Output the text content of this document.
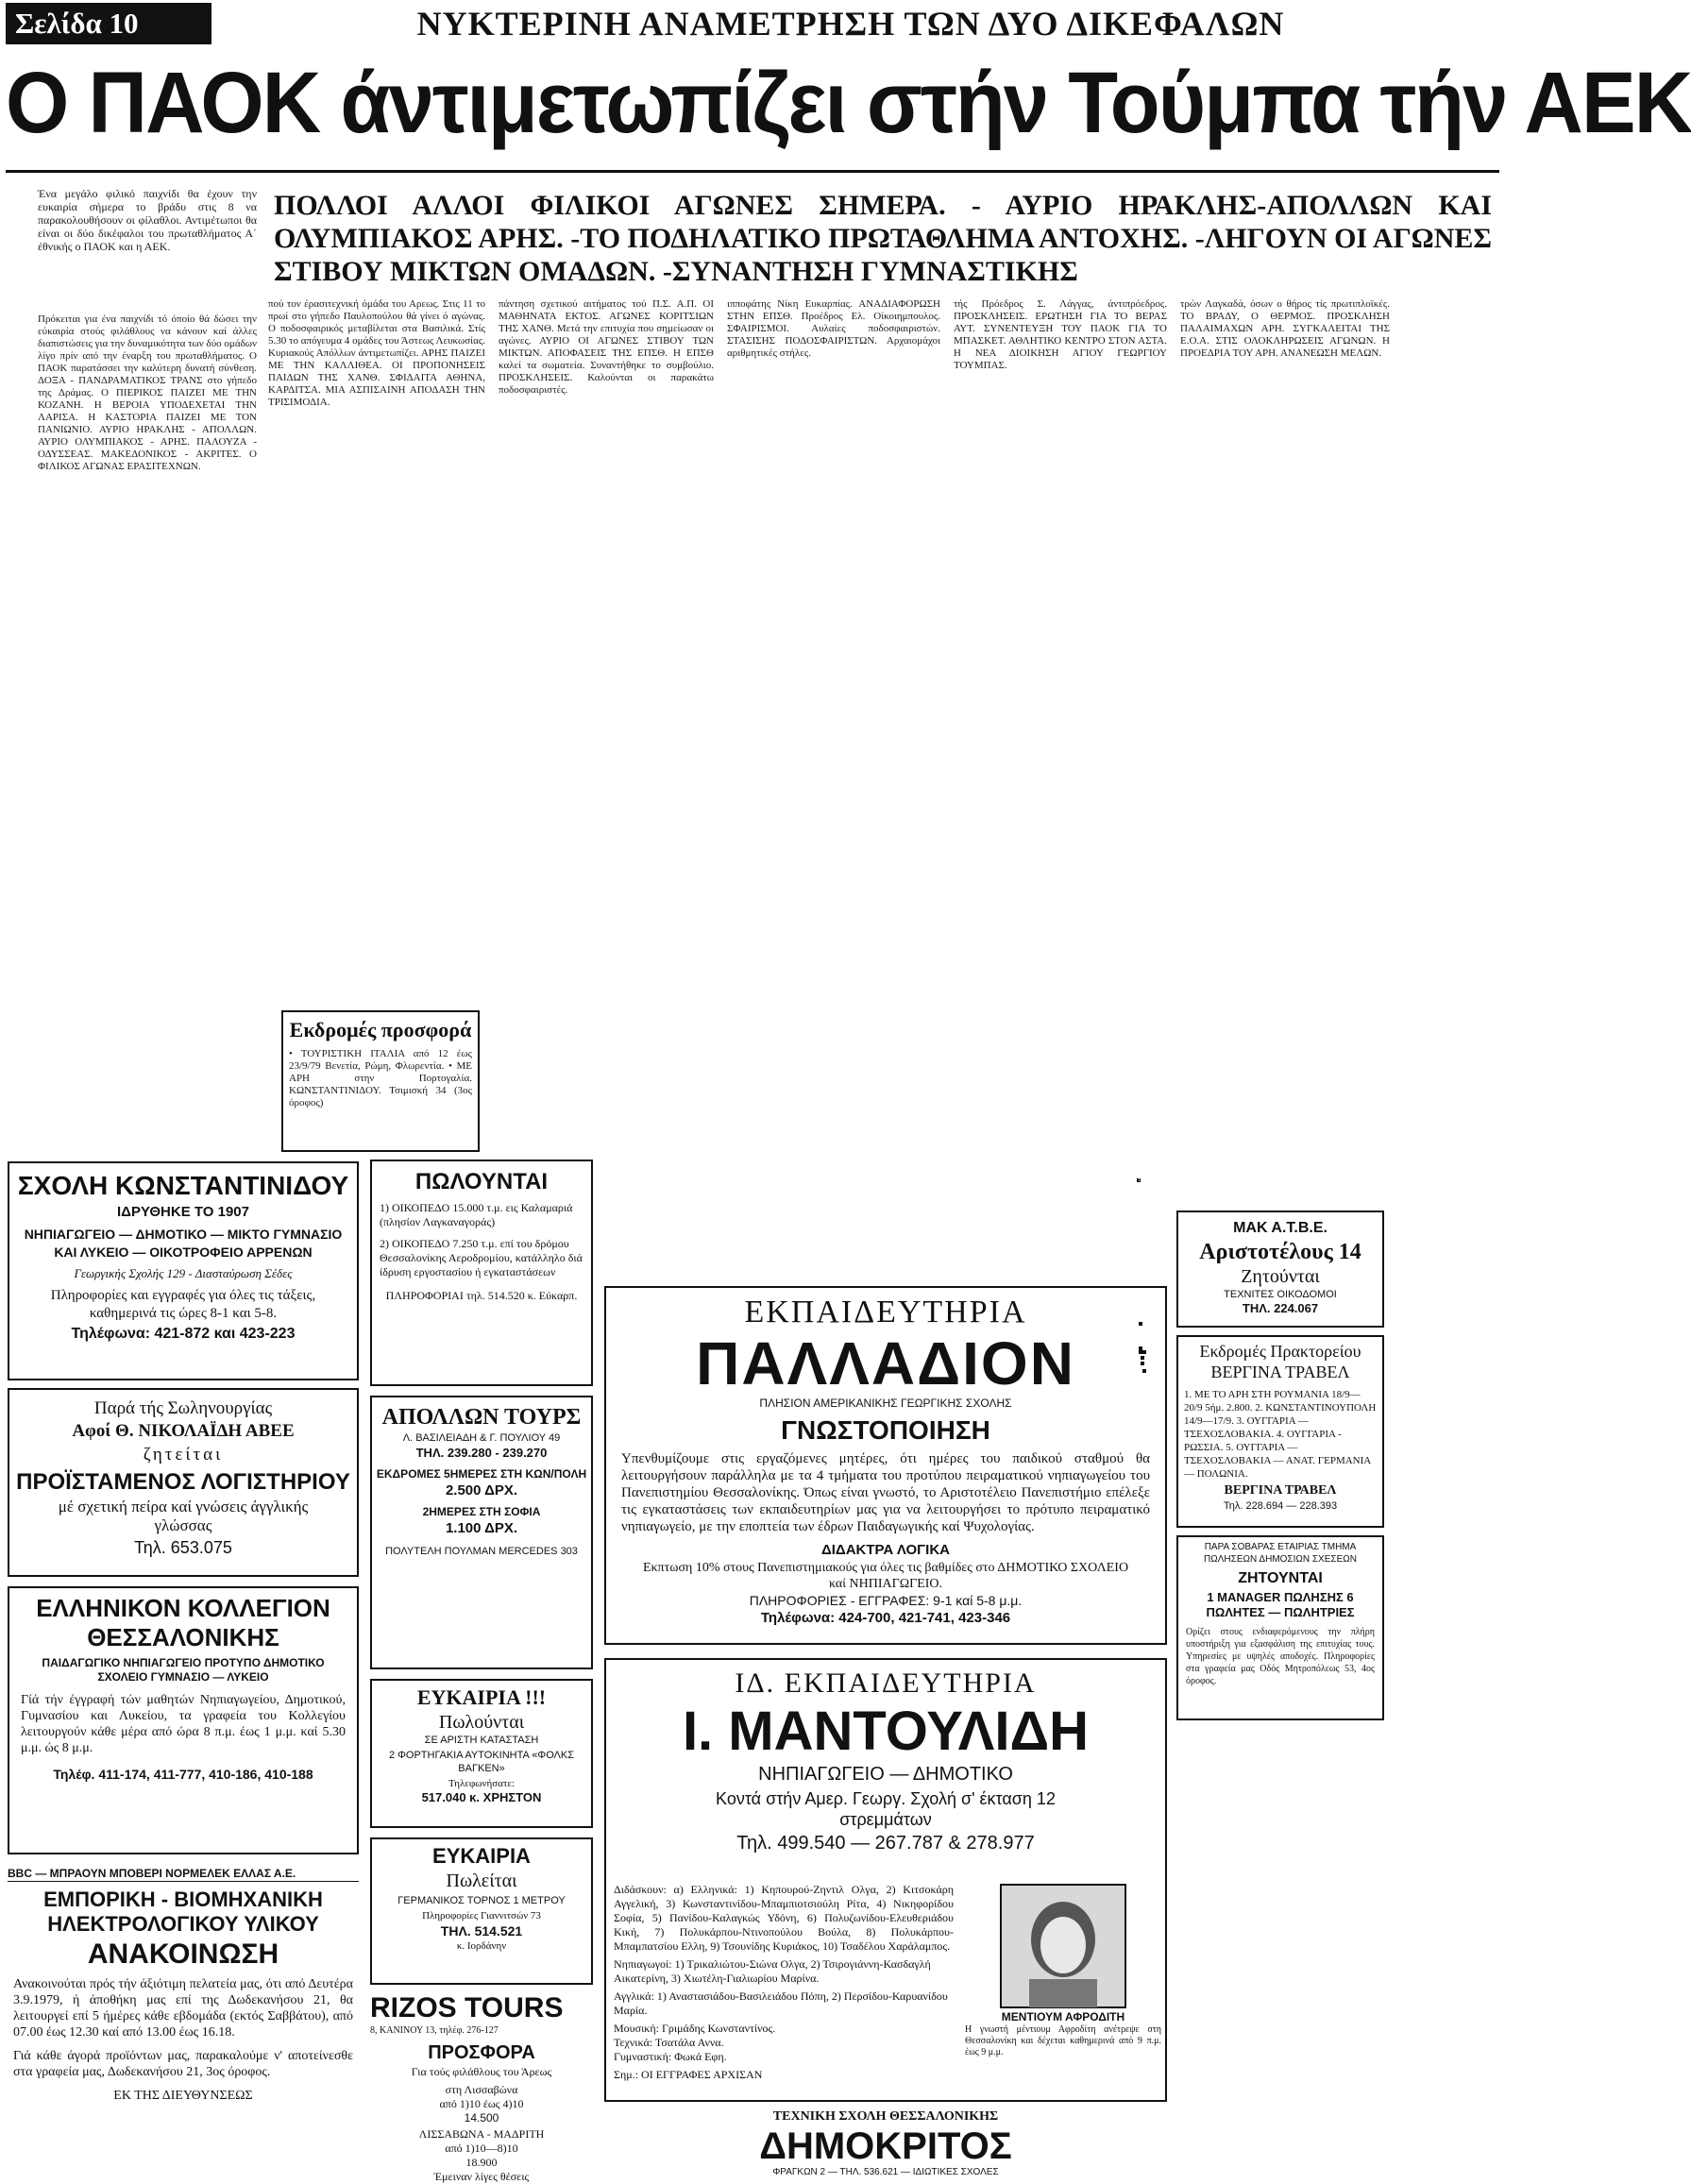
Σελίδα 10	ΝΥΚΤΕΡΙΝΗ ΑΝΑΜΕΤΡΗΣΗ ΤΩΝ ΔΥΟ ΔΙΚΕΦΑΛΩΝ
Ο ΠΑΟΚ άντιμετωπίζει στήν Τούμπα τήν ΑΕΚ
Ένα μεγάλο φιλικό παιχνίδι θα έχουν την ευκαιρία σήμερα το βράδυ στις 8 να παρακολουθήσουν οι φίλαθλοι. Αντιμέτωποι θα είναι οι δύο δικέφαλοι του πρωταθλήματος Α΄ έθνικής ο ΠΑΟΚ και η ΑΕΚ.
ΠΟΛΛΟΙ ΑΛΛΟΙ ΦΙΛΙΚΟΙ ΑΓΩΝΕΣ ΣΗΜΕΡΑ. - ΑΥΡΙΟ ΗΡΑΚΛΗΣ-ΑΠΟΛΛΩΝ ΚΑΙ ΟΛΥΜΠΙΑΚΟΣ ΑΡΗΣ. -ΤΟ ΠΟΔΗΛΑΤΙΚΟ ΠΡΩΤΑΘΛΗΜΑ ΑΝΤΟΧΗΣ. -ΛΗΓΟΥΝ ΟΙ ΑΓΩΝΕΣ ΣΤΙΒΟΥ ΜΙΚΤΩΝ ΟΜΑΔΩΝ. -ΣΥΝΑΝΤΗΣΗ ΓΥΜΝΑΣΤΙΚΗΣ
Πρόκειται για ένα παιχνίδι τό όποίο θά δώσει την εύκαιρία στούς φιλάθλους να κάνουν καί άλλες διαπιστώσεις για την δυναμικότητα των δύο ομάδων λίγο πρίν από την έναρξη του πρωταθλήματος. Ο ΠΑΟΚ παρατάσσει την καλύτερη δυνατή σύνθεση. ΔΟΞΑ - ΠΑΝΔΡΑΜΑΤΙΚΟΣ ΤΡΑΝΣ στο γήπεδο της Δράμας. Ο ΠΙΕΡΙΚΟΣ ΠΑΙΖΕΙ ΜΕ ΤΗΝ ΚΟΖΑΝΗ. Η ΒΕΡΟΙΑ ΥΠΟΔΕΧΕΤΑΙ ΤΗΝ ΛΑΡΙΣΑ. Η ΚΑΣΤΟΡΙΑ ΠΑΙΖΕΙ ΜΕ ΤΟΝ ΠΑΝΙΩΝΙΟ. ΑΥΡΙΟ ΗΡΑΚΛΗΣ - ΑΠΟΛΛΩΝ. ΑΥΡΙΟ ΟΛΥΜΠΙΑΚΟΣ - ΑΡΗΣ. ΠΑΛΟΥΖΑ - ΟΔΥΣΣΕΑΣ. ΜΑΚΕΔΟΝΙΚΟΣ - ΑΚΡΙΤΕΣ. Ο ΦΙΛΙΚΟΣ ΑΓΩΝΑΣ ΕΡΑΣΙΤΕΧΝΩΝ.
πού τον έρασιτεχνική όμάδα του Αρεως. Στις 11 το πρωί στο γήπεδο Παυλοπούλου θά γίνει ό αγώνας. Ο ποδοσφαιρικός μεταβίλεται στα Βασιλικά. Στίς 5.30 το απόγευμα 4 ομάδες του Άστεως Λευκωσίας. Κυριακούς Απόλλων άντιμετωπίζει. ΑΡΗΣ ΠΑΙΖΕΙ ΜΕ ΤΗΝ ΚΑΛΛΙΘΕΑ. ΟΙ ΠΡΟΠΟΝΗΣΕΙΣ ΠΑΙΔΩΝ ΤΗΣ ΧΑΝΘ. ΣΦΙΔΑΙΤΑ ΑΘΗΝΑ, ΚΑΡΔΙΤΣΑ. ΜΙΑ ΑΣΠΙΣΑΙΝΗ ΑΠΟΔΑΣΗ ΤΗΝ ΤΡΙΣΙΜΟΔΙΑ.
πάντηση σχετικού αιτήματος τού Π.Σ. Α.Π. ΟΙ ΜΑΘΗΝΑΤΑ ΕΚΤΟΣ. ΑΓΩΝΕΣ ΚΟΡΙΤΣΙΩΝ ΤΗΣ ΧΑΝΘ. Μετά την επιτυχία που σημείωσαν οι αγώνες. ΑΥΡΙΟ ΟΙ ΑΓΩΝΕΣ ΣΤΙΒΟΥ ΤΩΝ ΜΙΚΤΩΝ. ΑΠΟΦΑΣΕΙΣ ΤΗΣ ΕΠΣΘ. Η ΕΠΣΘ καλεί τα σωματεία. Συναντήθηκε το συμβούλιο. ΠΡΟΣΚΛΗΣΕΙΣ. Καλούνται οι παρακάτω ποδοσφαιριστές.
ιπποφάτης Νίκη Ευκαρπίας. ΑΝΑΔΙΑΦΟΡΩΣΗ ΣΤΗΝ ΕΠΣΘ. Προέδρος Ελ. Οίκοιημπουλος. ΣΦΑΙΡΙΣΜΟΙ. Αυλαίες ποδοσφαιριστών. ΣΤΑΣΙΣΗΣ ΠΟΔΟΣΦΑΙΡΙΣΤΩΝ. Αρχαιομάχοι αριθμητικές στήλες.
τής Πρόεδρος Σ. Λάγγας, άντιπρόεδρος. ΠΡΟΣΚΛΗΣΕΙΣ. ΕΡΩΤΗΣΗ ΓΙΑ ΤΟ ΒΕΡΑΣ ΑΥΤ. ΣΥΝΕΝΤΕΥΞΗ ΤΟΥ ΠΑΟΚ ΓΙΑ ΤΟ ΜΠΑΣΚΕΤ. ΑΘΛΗΤΙΚΟ ΚΕΝΤΡΟ ΣΤΟΝ ΑΣΤΑ. Η ΝΕΑ ΔΙΟΙΚΗΣΗ ΑΓΙΟΥ ΓΕΩΡΓΙΟΥ ΤΟΥΜΠΑΣ.
τρών Λαγκαδά, όσων ο θήρος τίς πρωτιπλοϊκές. ΤΟ ΒΡΑΔΥ, Ο ΘΕΡΜΟΣ. ΠΡΟΣΚΛΗΣΗ ΠΑΛΑΙΜΑΧΩΝ ΑΡΗ. ΣΥΓΚΑΛΕΙΤΑΙ ΤΗΣ Ε.Ο.Α. ΣΤΙΣ ΟΛΟΚΛΗΡΩΣΕΙΣ ΑΓΩΝΩΝ. Η ΠΡΟΕΔΡΙΑ ΤΟΥ ΑΡΗ. ΑΝΑΝΕΩΣΗ ΜΕΛΩΝ.
Εκδρομές προσφορά
• ΤΟΥΡΙΣΤΙΚΗ ΙΤΑΛΙΑ από 12 έως 23/9/79 Βενετία, Ρώμη, Φλωρεντία. • ΜΕ ΑΡΗ στην Πορτογαλία. ΚΩΝΣΤΑΝΤΙΝΙΔΟΥ. Τσιμισκή 34 (3ος όροφος)
ΣΧΟΛΗ ΚΩΝΣΤΑΝΤΙΝΙΔΟΥ
ΙΔΡΥΘΗΚΕ ΤΟ 1907
ΝΗΠΙΑΓΩΓΕΙΟ — ΔΗΜΟΤΙΚΟ — ΜΙΚΤΟ ΓΥΜΝΑΣΙΟ ΚΑΙ ΛΥΚΕΙΟ — ΟΙΚΟΤΡΟΦΕΙΟ ΑΡΡΕΝΩΝ
Γεωργικής Σχολής 129 - Διασταύρωση Σέδες
Πληροφορίες και εγγραφές για όλες τις τάξεις, καθημερινά τις ώρες 8-1 και 5-8.
Τηλέφωνα: 421-872 και 423-223
Παρά τής Σωληνουργίας
Αφοί Θ. ΝΙΚΟΛΑΪΔΗ ΑΒΕΕ
ζητείται
ΠΡΟΪΣΤΑΜΕΝΟΣ ΛΟΓΙΣΤΗΡΙΟΥ
μέ σχετική πείρα καί γνώσεις άγγλικής γλώσσας
Τηλ. 653.075
ΕΛΛΗΝΙΚΟΝ ΚΟΛΛΕΓΙΟΝ ΘΕΣΣΑΛΟΝΙΚΗΣ
ΠΑΙΔΑΓΩΓΙΚΟ ΝΗΠΙΑΓΩΓΕΙΟ ΠΡΟΤΥΠΟ ΔΗΜΟΤΙΚΟ ΣΧΟΛΕΙΟ ΓΥΜΝΑΣΙΟ — ΛΥΚΕΙΟ
Γίά τήν έγγραφή τών μαθητών Νηπιαγωγείου, Δημοτικού, Γυμνασίου και Λυκείου, τα γραφεία του Κολλεγίου λειτουργούν κάθε μέρα από ώρα 8 π.μ. έως 1 μ.μ. καί 5.30 μ.μ. ώς 8 μ.μ.
Τηλέφ. 411-174, 411-777, 410-186, 410-188
BBC — ΜΠΡΑΟΥΝ ΜΠΟΒΕΡΙ ΝΟΡΜΕΛΕΚ ΕΛΛΑΣ Α.Ε.
ΕΜΠΟΡΙΚΗ - ΒΙΟΜΗΧΑΝΙΚΗ ΗΛΕΚΤΡΟΛΟΓΙΚΟΥ ΥΛΙΚΟΥ
ΑΝΑΚΟΙΝΩΣΗ
Ανακοινούται πρός τήν άξιότιμη πελατεία μας, ότι από Δευτέρα 3.9.1979, ή άποθήκη μας επί της Δωδεκανήσου 21, θα λειτουργεί επί 5 ήμέρες κάθε εβδομάδα (εκτός Σαββάτου), από 07.00 έως 12.30 καί από 13.00 έως 16.18.
Γιά κάθε άγορά προϊόντων μας, παρακαλούμε ν' αποτείνεσθε στα γραφεία μας, Δωδεκανήσου 21, 3ος όροφος.
ΕΚ ΤΗΣ ΔΙΕΥΘΥΝΣΕΩΣ
ΠΩΛΟΥΝΤΑΙ
1) ΟΙΚΟΠΕΔΟ 15.000 τ.μ. εις Καλαμαριά (πλησίον Λαγκαναγοράς)
2) ΟΙΚΟΠΕΔΟ 7.250 τ.μ. επί του δρόμου Θεσσαλονίκης Αεροδρομίου, κατάλληλο διά ίδρυση εργοστασίου ή εγκαταστάσεων
ΠΛΗΡΟΦΟΡΙΑΙ τηλ. 514.520 κ. Εύκαρπ.
ΑΠΟΛΛΩΝ ΤΟΥΡΣ
Λ. ΒΑΣΙΛΕΙΑΔΗ & Γ. ΠΟΥΛΙΟΥ 49
ΤΗΛ. 239.280 - 239.270
ΕΚΔΡΟΜΕΣ 5ΗΜΕΡΕΣ ΣΤΗ ΚΩΝ/ΠΟΛΗ
2.500 ΔΡΧ.
2ΗΜΕΡΕΣ ΣΤΗ ΣΟΦΙΑ
1.100 ΔΡΧ.
ΠΟΛΥΤΕΛΗ ΠΟΥΛΜΑΝ MERCEDES 303
ΕΥΚΑΙΡΙΑ !!!
Πωλούνται
ΣΕ ΑΡΙΣΤΗ ΚΑΤΑΣΤΑΣΗ
2 ΦΟΡΤΗΓΑΚΙΑ ΑΥΤΟΚΙΝΗΤΑ «ΦΟΛΚΣ ΒΑΓΚΕΝ»
Τηλεφωνήσατε:
517.040 κ. ΧΡΗΣΤΟΝ
ΕΥΚΑΙΡΙΑ
Πωλείται
ΓΕΡΜΑΝΙΚΟΣ ΤΟΡΝΟΣ 1 ΜΕΤΡΟΥ
Πληροφορίες Γιαννιτσών 73
ΤΗΛ. 514.521
κ. Ιορδάνην
RIZOS TOURS
8, ΚΑΝΙΝΟΥ 13, τηλέφ. 276-127
ΠΡΟΣΦΟΡΑ
Για τούς φιλάθλους του Άρεως
στη Λισσαβώνα
από 1)10 έως 4)10
14.500
ΛΙΣΣΑΒΩΝΑ - ΜΑΔΡΙΤΗ
από 1)10—8)10
18.900
Έμειναν λίγες θέσεις
ΕΚΠΑΙΔΕΥΤΗΡΙΑ
ΠΑΛΛΑΔΙΟΝ
ΠΛΗΣΙΟΝ ΑΜΕΡΙΚΑΝΙΚΗΣ ΓΕΩΡΓΙΚΗΣ ΣΧΟΛΗΣ
ΓΝΩΣΤΟΠΟΙΗΣΗ
Υπενθυμίζουμε στις εργαζόμενες μητέρες, ότι ημέρες του παιδικού σταθμού θα λειτουργήσουν παράλληλα με τα 4 τμήματα του προτύπου πειραματικού νηπιαγωγείου του Πανεπιστημίου Θεσσαλονίκης. Όπως είναι γνωστό, το Αριστοτέλειο Πανεπιστήμιο επέλεξε τις εγκαταστάσεις των εκπαιδευτηρίων μας για να λειτουργήσει το πρότυπο πειραματικό νηπιαγωγείο, με την εποπτεία των έδρων Παιδαγωγικής καί Ψυχολογίας.
ΔΙΔΑΚΤΡΑ ΛΟΓΙΚΑ
Εκπτωση 10% στους Πανεπιστημιακούς για όλες τις βαθμίδες στο ΔΗΜΟΤΙΚΟ ΣΧΟΛΕΙΟ καί ΝΗΠΙΑΓΩΓΕΙΟ.
ΠΛΗΡΟΦΟΡΙΕΣ - ΕΓΓΡΑΦΕΣ: 9-1 καί 5-8 μ.μ.
Τηλέφωνα: 424-700, 421-741, 423-346
ΙΔ. ΕΚΠΑΙΔΕΥΤΗΡΙΑ
Ι. ΜΑΝΤΟΥΛΙΔΗ
ΝΗΠΙΑΓΩΓΕΙΟ — ΔΗΜΟΤΙΚΟ
Κοντά στήν Αμερ. Γεωργ. Σχολή σ' έκταση 12 στρεμμάτων
Τηλ. 499.540 — 267.787 & 278.977
Διδάσκουν: α) Ελληνικά: 1) Κηπουρού-Ζηντιλ Ολγα, 2) Κιτσοκάρη Αγγελική, 3) Κωνσταντινίδου-Μπαμπιοτσιούλη Ρίτα, 4) Νικηφορίδου Σοφία, 5) Πανίδου-Καλαγκώς Υδόνη, 6) Πολυζωνίδου-Ελευθεριάδου Κική, 7) Πολυκάρπου-Ντινοπούλου Βούλα, 8) Πολυκάρπου-Μπαμπατσίου Ελλη, 9) Τσουνίδης Κυριάκος, 10) Τσαδέλου Χαράλαμπος.
Νηπιαγωγοί: 1) Τρικαλιώτου-Σιώνα Ολγα, 2) Τσιρογιάννη-Κασδαγλή Αικατερίνη, 3) Χιωτέλη-Γιαλιωρίου Μαρίνα.
Αγγλικά: 1) Αναστασιάδου-Βασιλειάδου Πόπη, 2) Περσίδου-Καρυανίδου Μαρία.
Μουσική: Γριμάδης Κωνσταντίνος.
Τεχνικά: Τσατάλα Αννα.
Γυμναστική: Φωκά Εφη.
Σημ.: ΟΙ ΕΓΓΡΑΦΕΣ ΑΡΧΙΣΑΝ
ΜΕΝΤΙΟΥΜ ΑΦΡΟΔΙΤΗ
Η γνωστή μέντιουμ Αφροδίτη ανέτρεψε στη Θεσσαλονίκη και δέχεται καθημερινά από 9 π.μ. έως 9 μ.μ.
ΤΕΧΝΙΚΗ ΣΧΟΛΗ ΘΕΣΣΑΛΟΝΙΚΗΣ
ΔΗΜΟΚΡΙΤΟΣ
ΦΡΑΓΚΩΝ 2 — ΤΗΛ. 536.621 — ΙΔΙΩΤΙΚΕΣ ΣΧΟΛΕΣ
ΜΑΚ Α.Τ.Β.Ε.
Αριστοτέλους 14
Ζητούνται
ΤΕΧΝΙΤΕΣ ΟΙΚΟΔΟΜΟΙ
ΤΗΛ. 224.067
Εκδρομές Πρακτορείου ΒΕΡΓΙΝΑ ΤΡΑΒΕΛ
1. ΜΕ ΤΟ ΑΡΗ ΣΤΗ ΡΟΥΜΑΝΙΑ 18/9—20/9 5ήμ. 2.800. 2. ΚΩΝΣΤΑΝΤΙΝΟΥΠΟΛΗ 14/9—17/9. 3. ΟΥΓΓΑΡΙΑ — ΤΣΕΧΟΣΛΟΒΑΚΙΑ. 4. ΟΥΓΓΑΡΙΑ - ΡΩΣΣΙΑ. 5. ΟΥΓΓΑΡΙΑ — ΤΣΕΧΟΣΛΟΒΑΚΙΑ — ΑΝΑΤ. ΓΕΡΜΑΝΙΑ — ΠΟΛΩΝΙΑ.
ΒΕΡΓΙΝΑ ΤΡΑΒΕΛ
Τηλ. 228.694 — 228.393
ΠΑΡΑ ΣΟΒΑΡΑΣ ΕΤΑΙΡΙΑΣ ΤΜΗΜΑ ΠΩΛΗΣΕΩΝ ΔΗΜΟΣΙΩΝ ΣΧΕΣΕΩΝ
ΖΗΤΟΥΝΤΑΙ
1 MANAGER ΠΩΛΗΣΗΣ 6 ΠΩΛΗΤΕΣ — ΠΩΛΗΤΡΙΕΣ
Ορίζει στους ενδιαφερόμενους την πλήρη υποστήριξη για εξασφάλιση της επιτυχίας τους. Υπηρεσίες με υψηλές αποδοχές. Πληροφορίες στα γραφεία μας Οδός Μητροπόλεως 53, 4ος όροφος.
